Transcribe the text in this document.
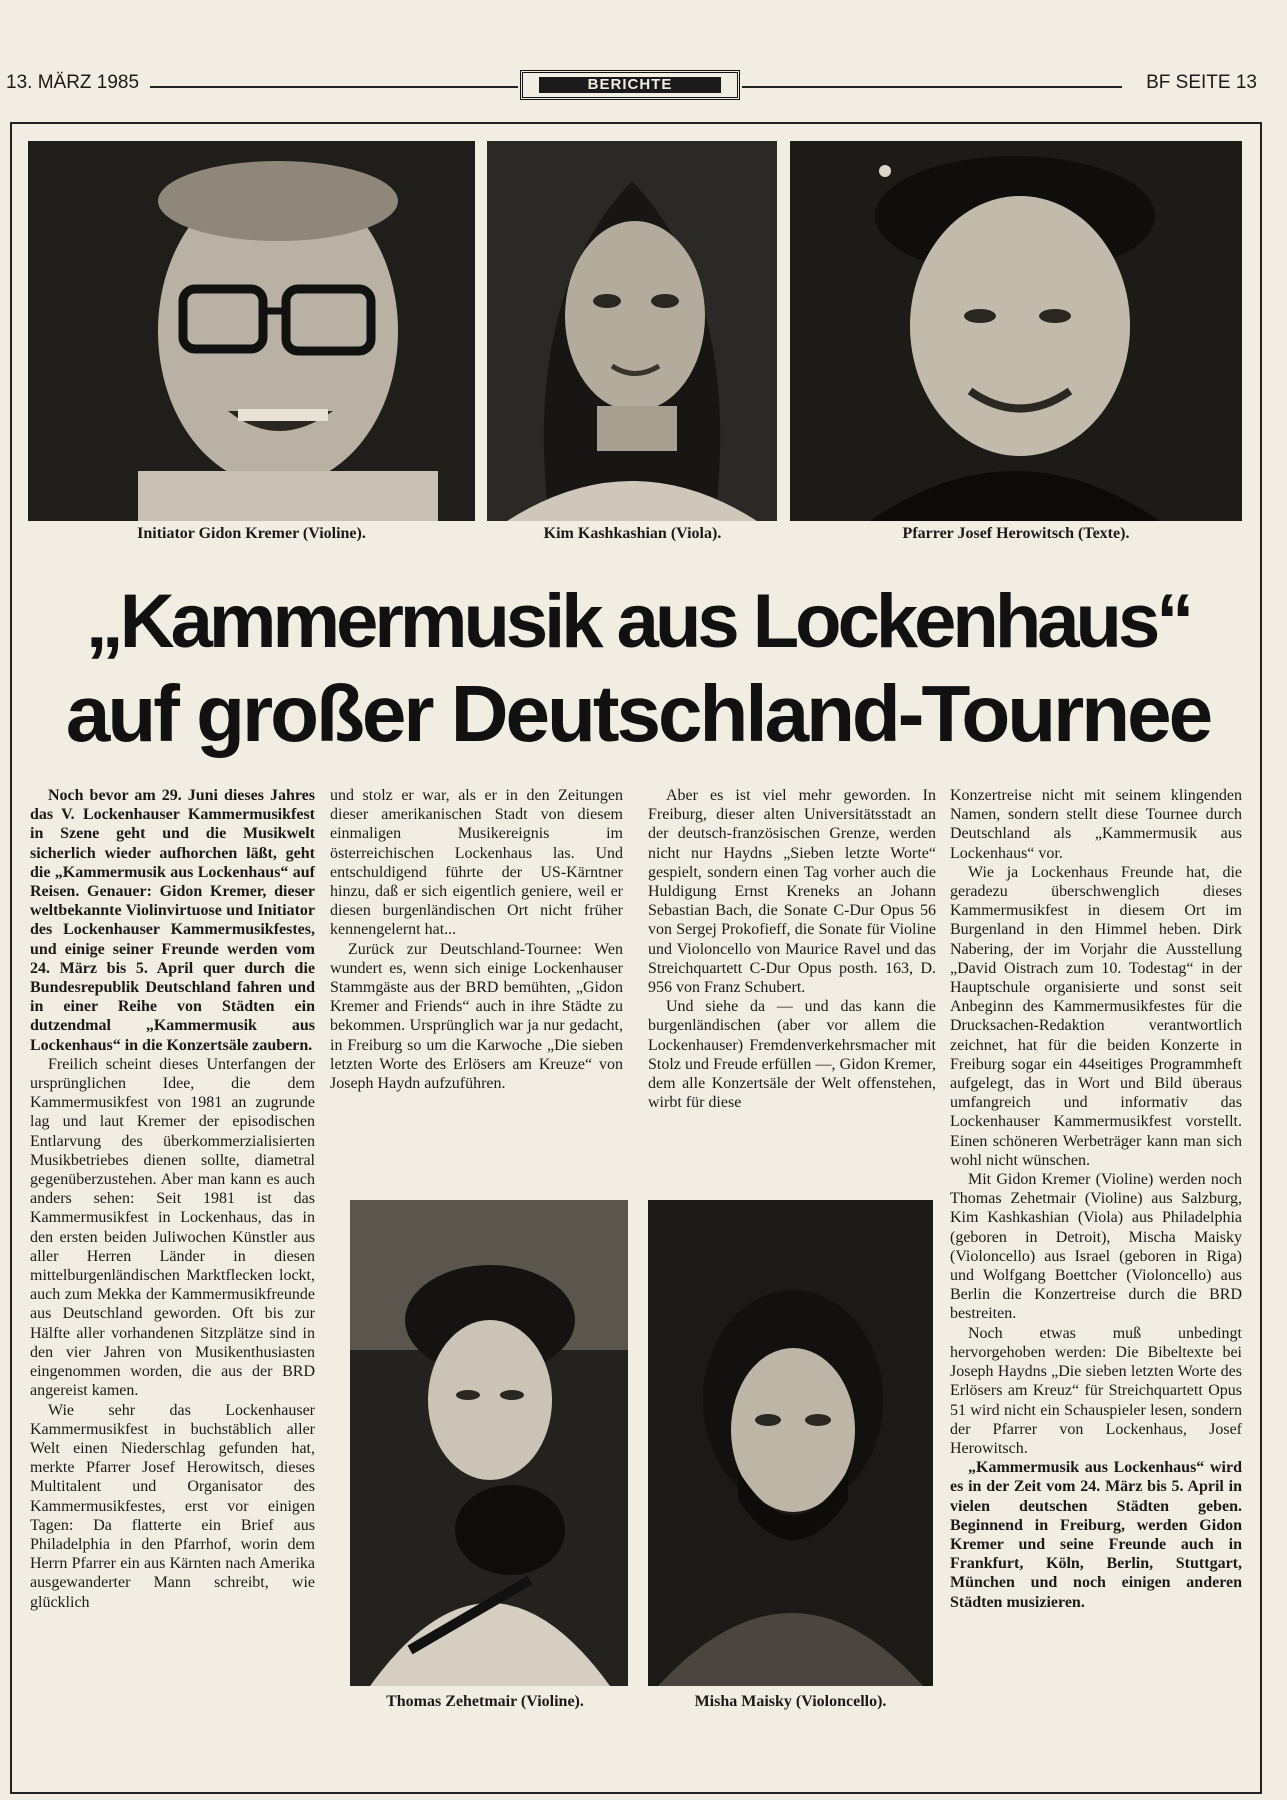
13. MÄRZ 1985	BERICHTE	BF SEITE 13
Initiator Gidon Kremer (Violine).	Kim Kashkashian (Viola).	Pfarrer Josef Herowitsch (Texte).
„Kammermusik aus Lockenhaus“
auf großer Deutschland-Tournee

Noch bevor am 29. Juni dieses Jahres das V. Lockenhauser Kammermusikfest in Szene geht und die Musikwelt sicherlich wieder aufhorchen läßt, geht die „Kammermusik aus Lockenhaus“ auf Reisen. Genauer: Gidon Kremer, dieser weltbekannte Violinvirtuose und Initiator des Lockenhauser Kammermusikfestes, und einige seiner Freunde werden vom 24. März bis 5. April quer durch die Bundesrepublik Deutschland fahren und in einer Reihe von Städten ein dutzendmal „Kammermusik aus Lockenhaus“ in die Konzertsäle zaubern.

Freilich scheint dieses Unterfangen der ursprünglichen Idee, die dem Kammermusikfest von 1981 an zugrunde lag und laut Kremer der episodischen Entlarvung des überkommerzialisierten Musikbetriebes dienen sollte, diametral gegenüberzustehen. Aber man kann es auch anders sehen: Seit 1981 ist das Kammermusikfest in Lockenhaus, das in den ersten beiden Juliwochen Künstler aus aller Herren Länder in diesen mittelburgenländischen Marktflecken lockt, auch zum Mekka der Kammermusikfreunde aus Deutschland geworden. Oft bis zur Hälfte aller vorhandenen Sitzplätze sind in den vier Jahren von Musikenthusiasten eingenommen worden, die aus der BRD angereist kamen.

Wie sehr das Lockenhauser Kammermusikfest in buchstäblich aller Welt einen Niederschlag gefunden hat, merkte Pfarrer Josef Herowitsch, dieses Multitalent und Organisator des Kammermusikfestes, erst vor einigen Tagen: Da flatterte ein Brief aus Philadelphia in den Pfarrhof, worin dem Herrn Pfarrer ein aus Kärnten nach Amerika ausgewanderter Mann schreibt, wie glücklich

und stolz er war, als er in den Zeitungen dieser amerikanischen Stadt von diesem einmaligen Musikereignis im österreichischen Lockenhaus las. Und entschuldigend führte der US-Kärntner hinzu, daß er sich eigentlich geniere, weil er diesen burgenländischen Ort nicht früher kennengelernt hat...

Zurück zur Deutschland-Tournee: Wen wundert es, wenn sich einige Lockenhauser Stammgäste aus der BRD bemühten, „Gidon Kremer and Friends“ auch in ihre Städte zu bekommen. Ursprünglich war ja nur gedacht, in Freiburg so um die Karwoche „Die sieben letzten Worte des Erlösers am Kreuze“ von Joseph Haydn aufzuführen.

Aber es ist viel mehr geworden. In Freiburg, dieser alten Universitätsstadt an der deutsch-französischen Grenze, werden nicht nur Haydns „Sieben letzte Worte“ gespielt, sondern einen Tag vorher auch die Huldigung Ernst Kreneks an Johann Sebastian Bach, die Sonate C-Dur Opus 56 von Sergej Prokofieff, die Sonate für Violine und Violoncello von Maurice Ravel und das Streichquartett C-Dur Opus posth. 163, D. 956 von Franz Schubert.

Und siehe da — und das kann die burgenländischen (aber vor allem die Lockenhauser) Fremdenverkehrsmacher mit Stolz und Freude erfüllen —, Gidon Kremer, dem alle Konzertsäle der Welt offenstehen, wirbt für diese

Konzertreise nicht mit seinem klingenden Namen, sondern stellt diese Tournee durch Deutschland als „Kammermusik aus Lockenhaus“ vor.

Wie ja Lockenhaus Freunde hat, die geradezu überschwenglich dieses Kammermusikfest in diesem Ort im Burgenland in den Himmel heben. Dirk Nabering, der im Vorjahr die Ausstellung „David Oistrach zum 10. Todestag“ in der Hauptschule organisierte und sonst seit Anbeginn des Kammermusikfestes für die Drucksachen-Redaktion verantwortlich zeichnet, hat für die beiden Konzerte in Freiburg sogar ein 44seitiges Programmheft aufgelegt, das in Wort und Bild überaus umfangreich und informativ das Lockenhauser Kammermusikfest vorstellt. Einen schöneren Werbeträger kann man sich wohl nicht wünschen.

Mit Gidon Kremer (Violine) werden noch Thomas Zehetmair (Violine) aus Salzburg, Kim Kashkashian (Viola) aus Philadelphia (geboren in Detroit), Mischa Maisky (Violoncello) aus Israel (geboren in Riga) und Wolfgang Boettcher (Violoncello) aus Berlin die Konzertreise durch die BRD bestreiten.

Noch etwas muß unbedingt hervorgehoben werden: Die Bibeltexte bei Joseph Haydns „Die sieben letzten Worte des Erlösers am Kreuz“ für Streichquartett Opus 51 wird nicht ein Schauspieler lesen, sondern der Pfarrer von Lockenhaus, Josef Herowitsch.

„Kammermusik aus Lockenhaus“ wird es in der Zeit vom 24. März bis 5. April in vielen deutschen Städten geben. Beginnend in Freiburg, werden Gidon Kremer und seine Freunde auch in Frankfurt, Köln, Berlin, Stuttgart, München und noch einigen anderen Städten musizieren.

Thomas Zehetmair (Violine).	Misha Maisky (Violoncello).
